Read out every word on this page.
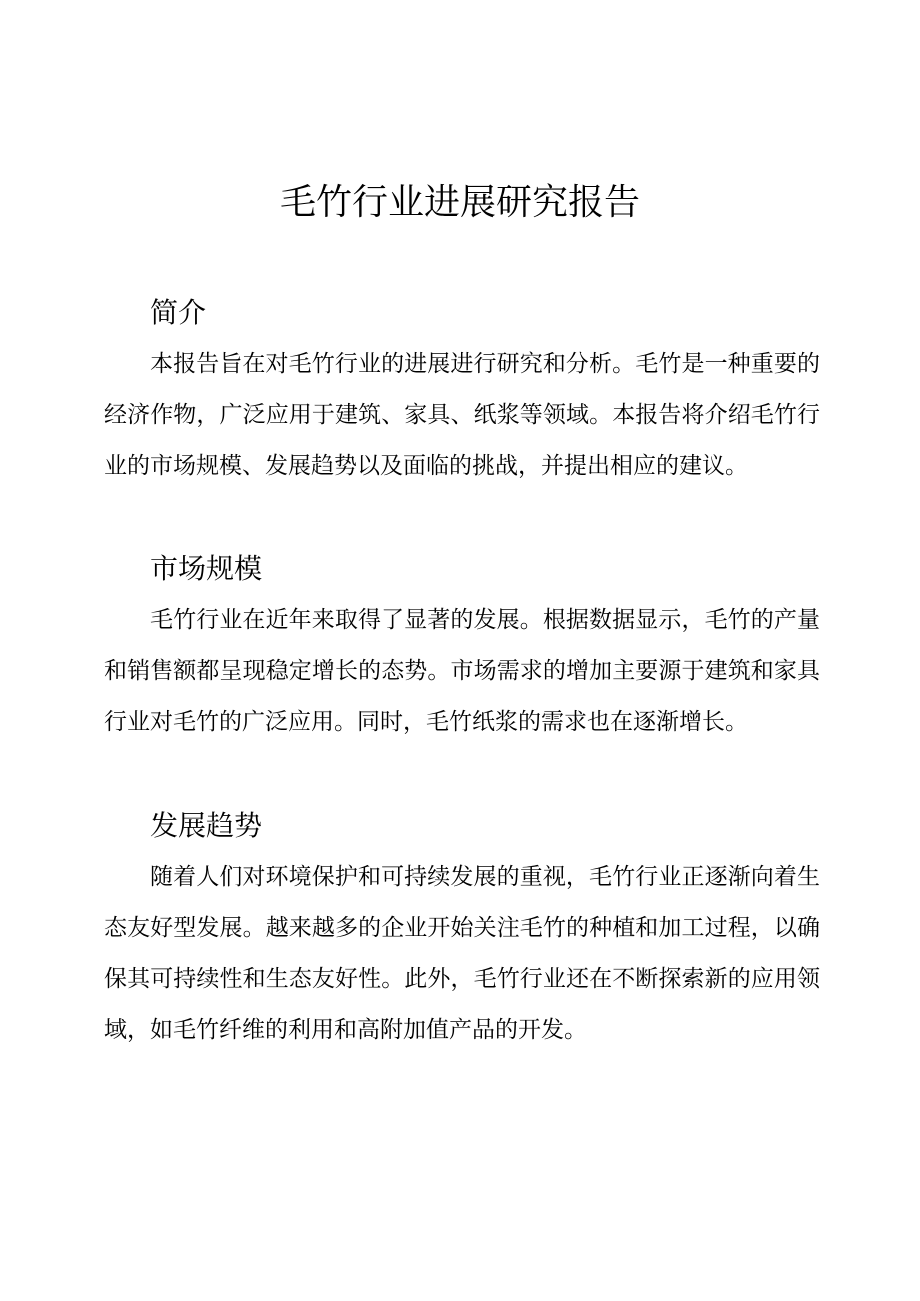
毛竹行业进展研究报告
简介

本报告旨在对毛竹行业的进展进行研究和分析。毛竹是一种重要的经济作物，广泛应用于建筑、家具、纸浆等领域。本报告将介绍毛竹行业的市场规模、发展趋势以及面临的挑战，并提出相应的建议。

市场规模

毛竹行业在近年来取得了显著的发展。根据数据显示，毛竹的产量和销售额都呈现稳定增长的态势。市场需求的增加主要源于建筑和家具行业对毛竹的广泛应用。同时，毛竹纸浆的需求也在逐渐增长。

发展趋势

随着人们对环境保护和可持续发展的重视，毛竹行业正逐渐向着生态友好型发展。越来越多的企业开始关注毛竹的种植和加工过程，以确保其可持续性和生态友好性。此外，毛竹行业还在不断探索新的应用领域，如毛竹纤维的利用和高附加值产品的开发。
